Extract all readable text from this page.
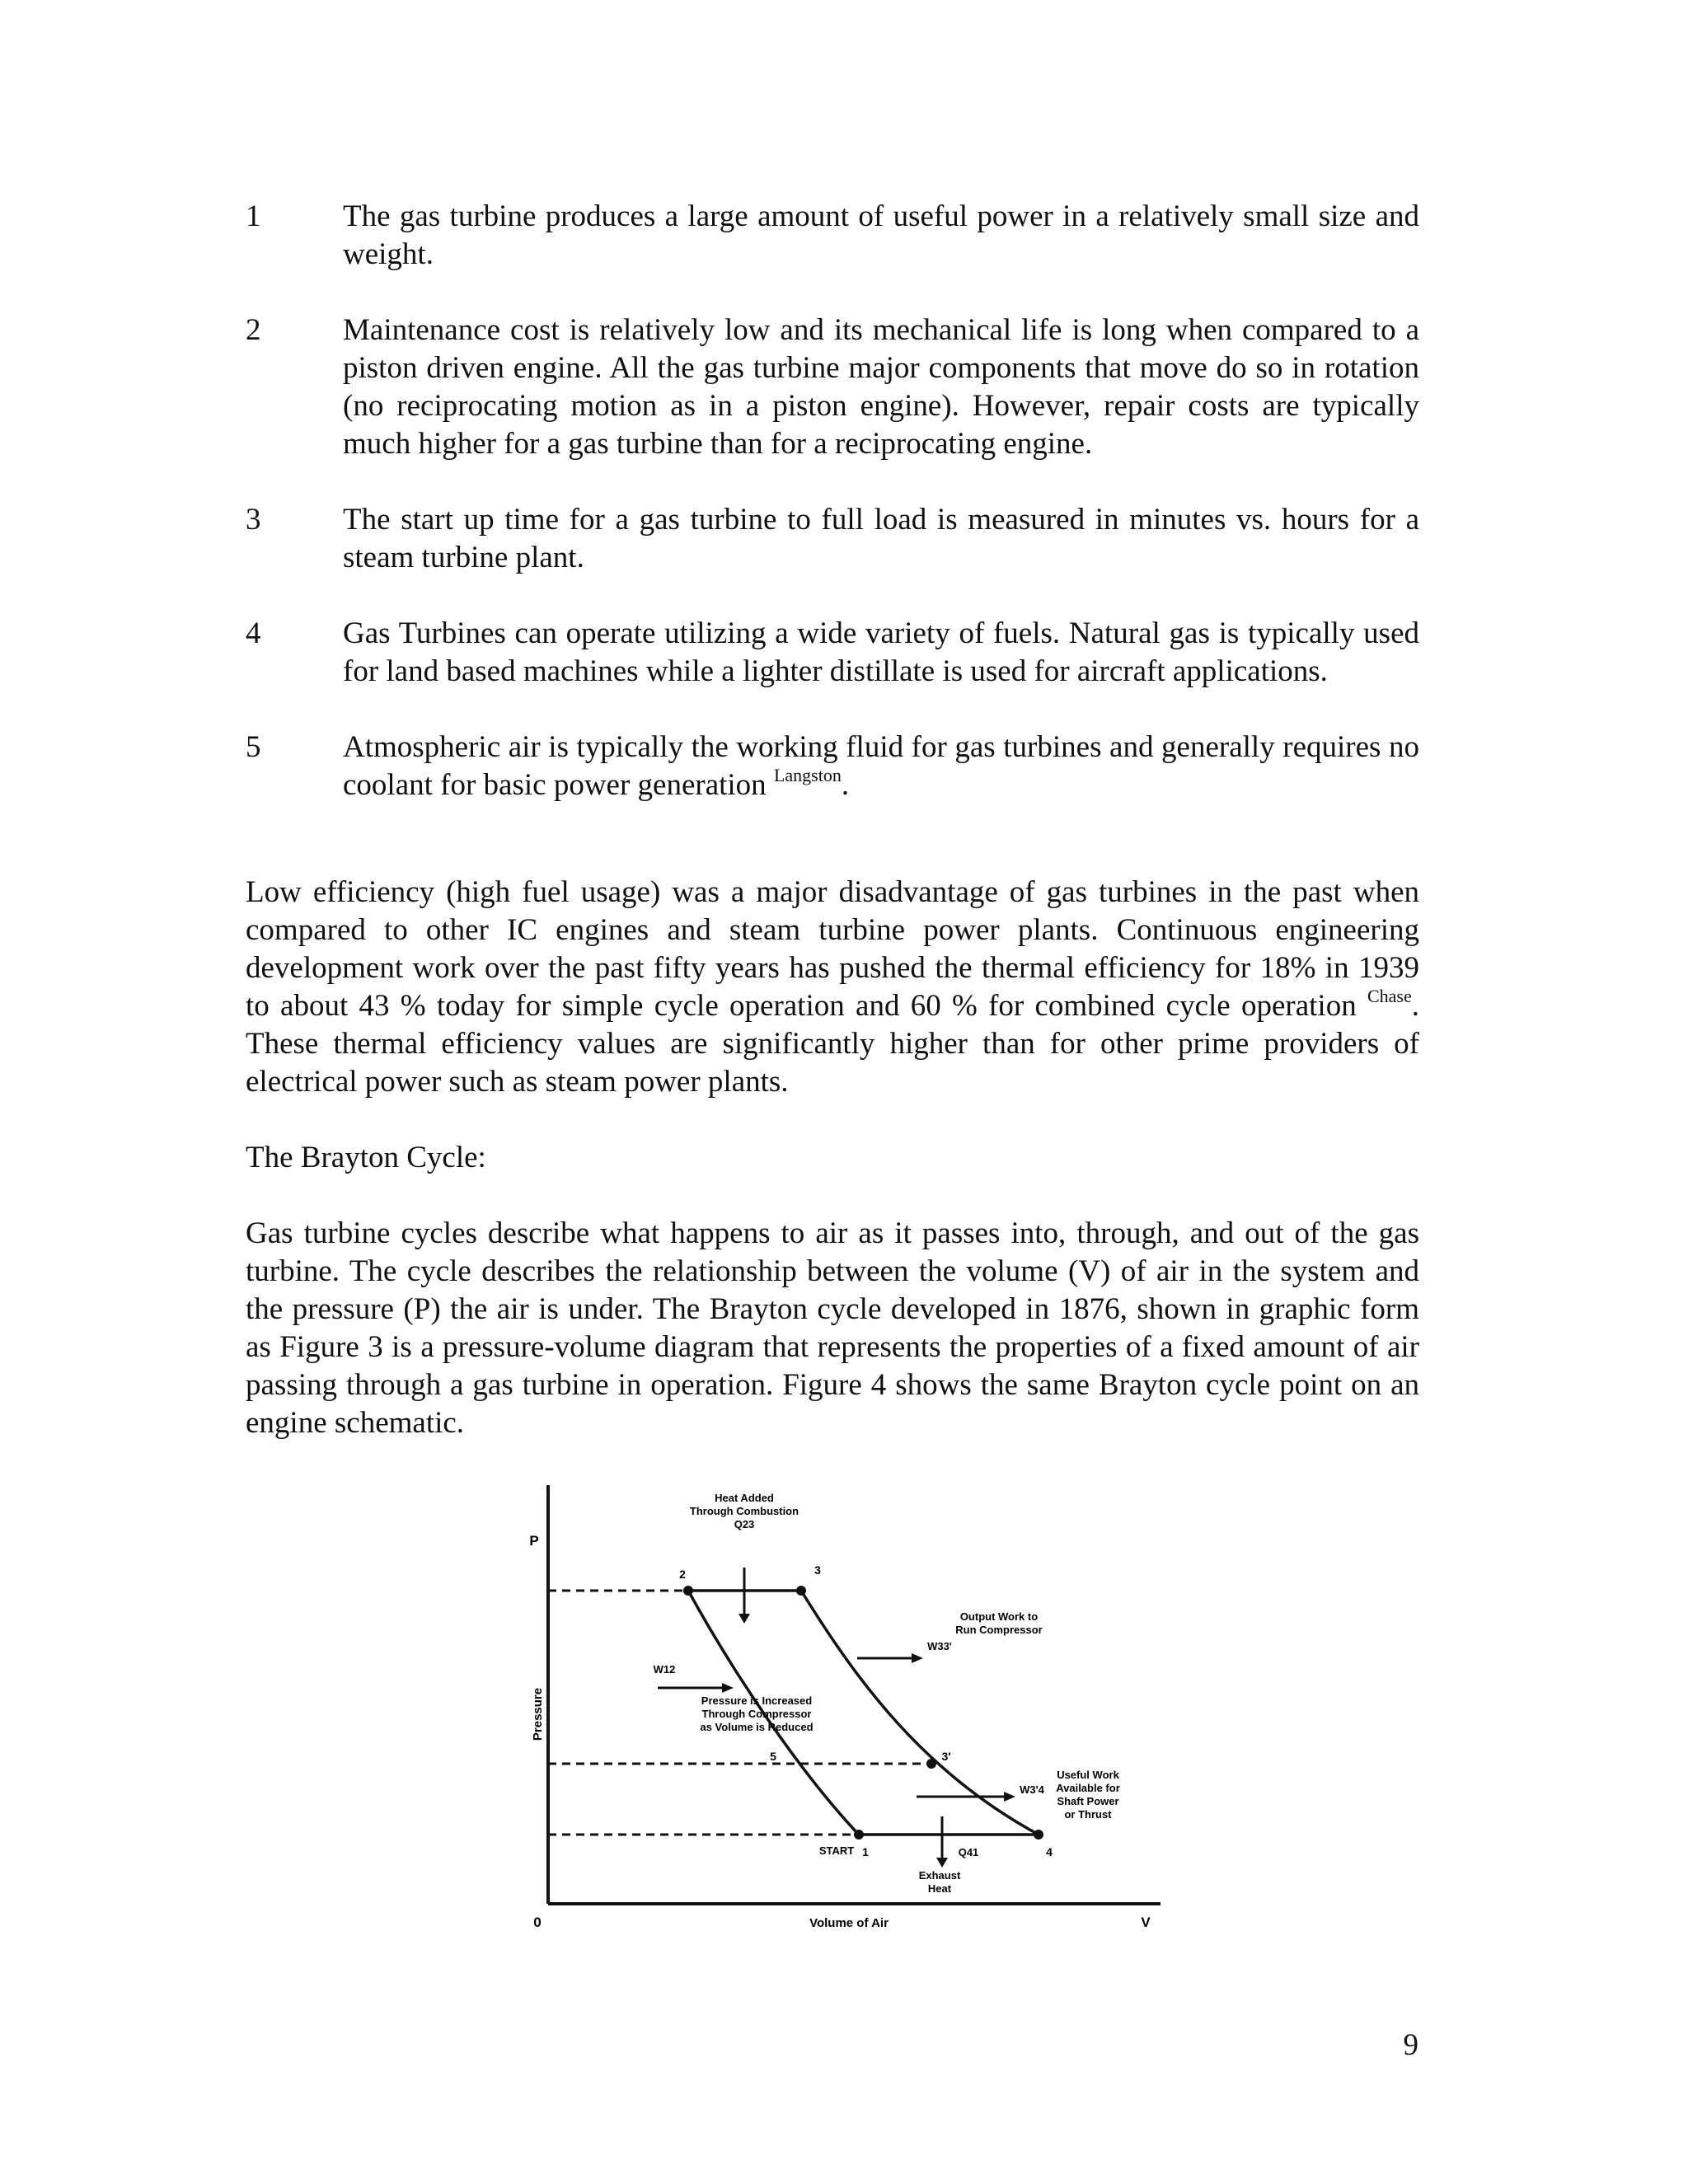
1	The gas turbine produces a large amount of useful power in a relatively small size and weight.
2	Maintenance cost is relatively low and its mechanical life is long when compared to a piston driven engine. All the gas turbine major components that move do so in rotation (no reciprocating motion as in a piston engine). However, repair costs are typically much higher for a gas turbine than for a reciprocating engine.
3	The start up time for a gas turbine to full load is measured in minutes vs. hours for a steam turbine plant.
4	Gas Turbines can operate utilizing a wide variety of fuels. Natural gas is typically used for land based machines while a lighter distillate is used for aircraft applications.
5	Atmospheric air is typically the working fluid for gas turbines and generally requires no coolant for basic power generation $^{Langston}$.

Low efficiency (high fuel usage) was a major disadvantage of gas turbines in the past when compared to other IC engines and steam turbine power plants. Continuous engineering development work over the past fifty years has pushed the thermal efficiency for 18% in 1939 to about 43 % today for simple cycle operation and 60 % for combined cycle operation $^{Chase}$. These thermal efficiency values are significantly higher than for other prime providers of electrical power such as steam power plants.

The Brayton Cycle:

Gas turbine cycles describe what happens to air as it passes into, through, and out of the gas turbine. The cycle describes the relationship between the volume (V) of air in the system and the pressure (P) the air is under. The Brayton cycle developed in 1876, shown in graphic form as Figure 3 is a pressure-volume diagram that represents the properties of a fixed amount of air passing through a gas turbine in operation. Figure 4 shows the same Brayton cycle point on an engine schematic.

P
V
0
Pressure
Volume of Air
2	3
3'
1	4
5
Heat Added
Through Combustion
Q23
Output Work to
Run Compressor
W33'
W12
Pressure is Increased
Through Compressor
as Volume is Reduced
W3'4
Useful Work
Available for
Shaft Power
or Thrust
Q41
Exhaust
Heat
START
9
